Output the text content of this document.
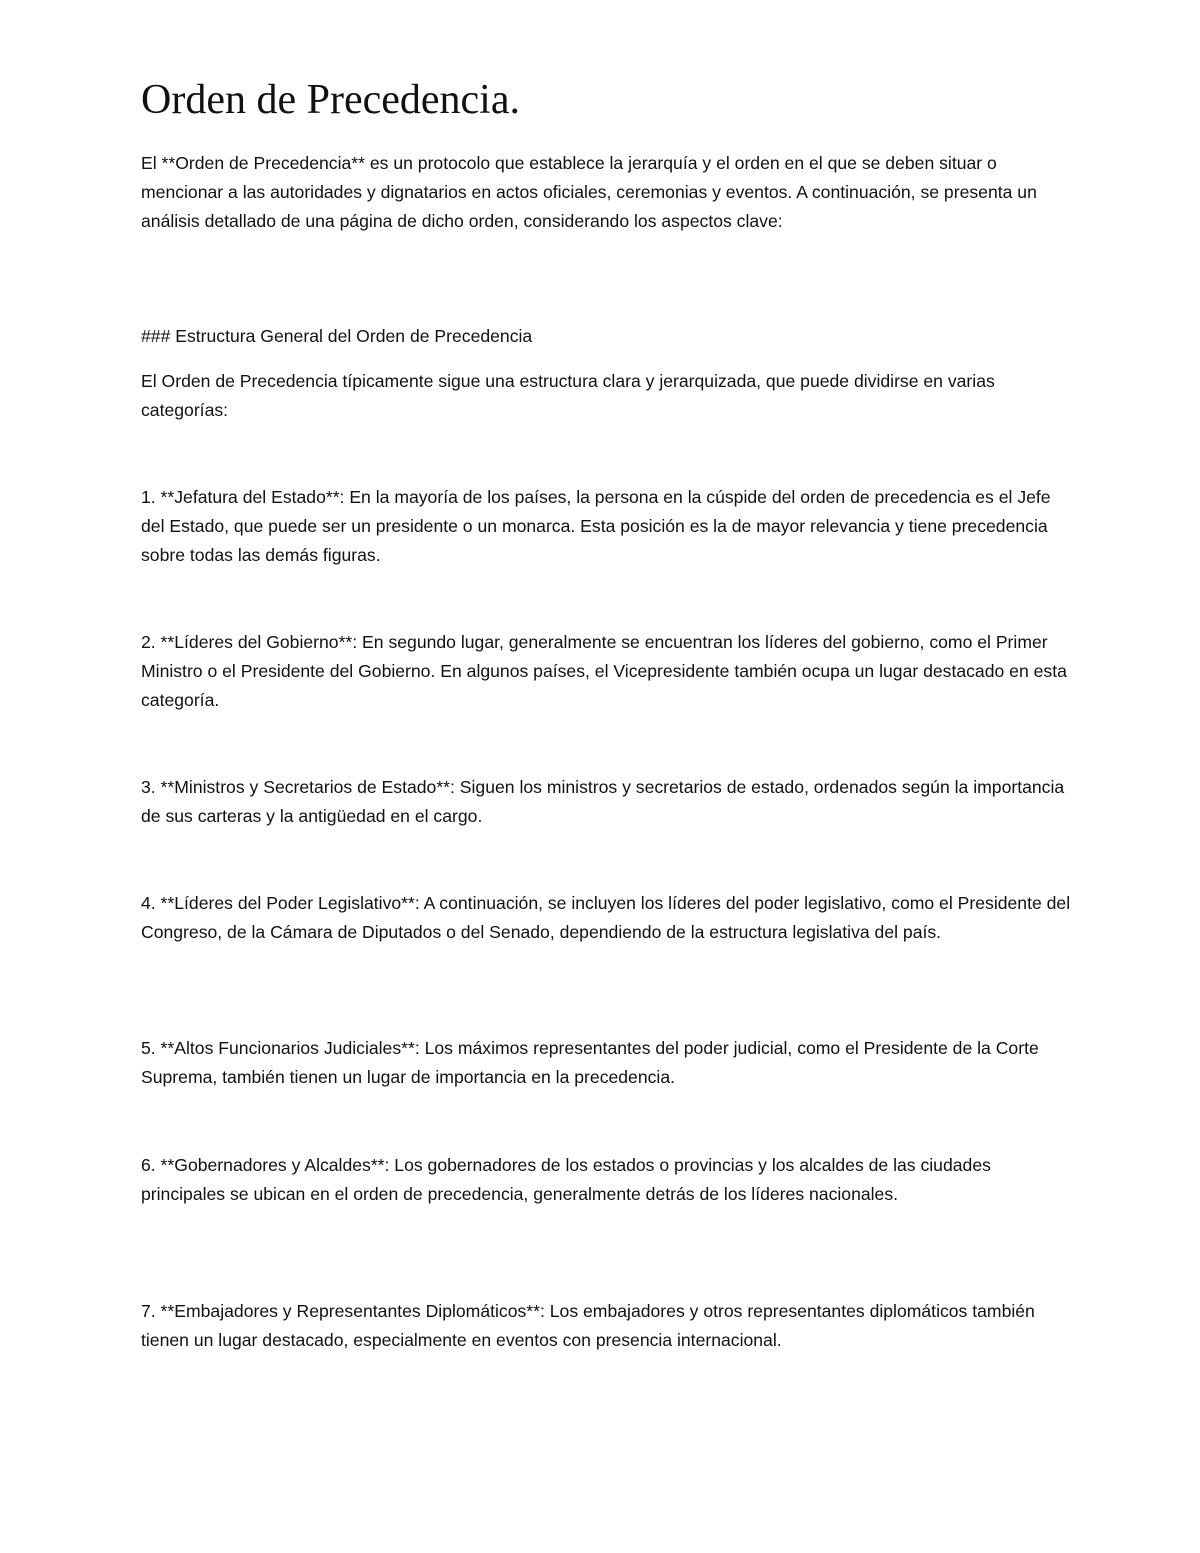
Orden de Precedencia.

El **Orden de Precedencia** es un protocolo que establece la jerarquía y el orden en el que se deben situar o mencionar a las autoridades y dignatarios en actos oficiales, ceremonias y eventos. A continuación, se presenta un análisis detallado de una página de dicho orden, considerando los aspectos clave:

### Estructura General del Orden de Precedencia

El Orden de Precedencia típicamente sigue una estructura clara y jerarquizada, que puede dividirse en varias categorías:

1. **Jefatura del Estado**: En la mayoría de los países, la persona en la cúspide del orden de precedencia es el Jefe del Estado, que puede ser un presidente o un monarca. Esta posición es la de mayor relevancia y tiene precedencia sobre todas las demás figuras.

2. **Líderes del Gobierno**: En segundo lugar, generalmente se encuentran los líderes del gobierno, como el Primer Ministro o el Presidente del Gobierno. En algunos países, el Vicepresidente también ocupa un lugar destacado en esta categoría.

3. **Ministros y Secretarios de Estado**: Siguen los ministros y secretarios de estado, ordenados según la importancia de sus carteras y la antigüedad en el cargo.

4. **Líderes del Poder Legislativo**: A continuación, se incluyen los líderes del poder legislativo, como el Presidente del Congreso, de la Cámara de Diputados o del Senado, dependiendo de la estructura legislativa del país.

5. **Altos Funcionarios Judiciales**: Los máximos representantes del poder judicial, como el Presidente de la Corte Suprema, también tienen un lugar de importancia en la precedencia.

6. **Gobernadores y Alcaldes**: Los gobernadores de los estados o provincias y los alcaldes de las ciudades principales se ubican en el orden de precedencia, generalmente detrás de los líderes nacionales.

7. **Embajadores y Representantes Diplomáticos**: Los embajadores y otros representantes diplomáticos también tienen un lugar destacado, especialmente en eventos con presencia internacional.
